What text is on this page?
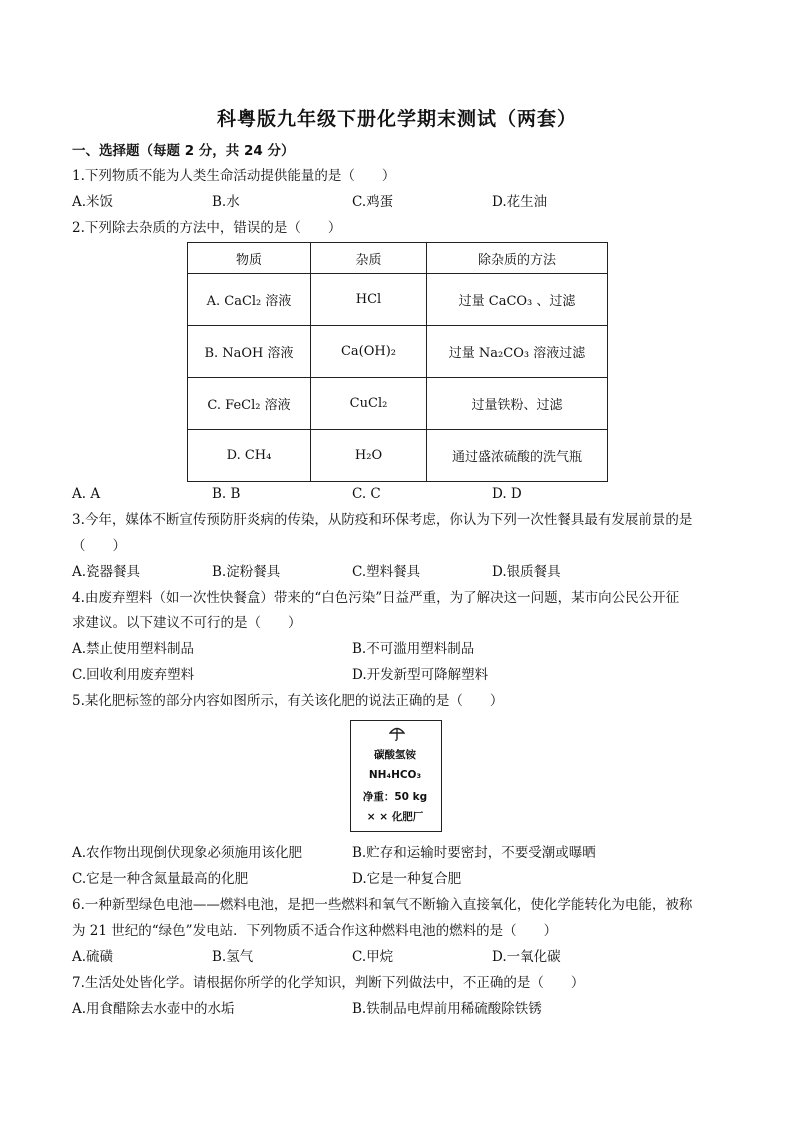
科粤版九年级下册化学期末测试（两套）
一、选择题（每题 2 分，共 24 分）
1.下列物质不能为人类生命活动提供能量的是（　　）
A.米饭	B.水	C.鸡蛋	D.花生油
2.下列除去杂质的方法中，错误的是（　　）
物质	杂质	除杂质的方法
A. CaCl₂ 溶液	HCl	过量 CaCO₃ 、过滤
B. NaOH 溶液	Ca(OH)₂	过量 Na₂CO₃ 溶液过滤
C. FeCl₂ 溶液	CuCl₂	过量铁粉、过滤
D. CH₄	H₂O	通过盛浓硫酸的洗气瓶
A. A	B. B	C. C	D. D
3.今年，媒体不断宣传预防肝炎病的传染，从防疫和环保考虑，你认为下列一次性餐具最有发展前景的是
（　　）
A.瓷器餐具	B.淀粉餐具	C.塑料餐具	D.银质餐具
4.由废弃塑料（如一次性快餐盒）带来的“白色污染”日益严重，为了解决这一问题，某市向公民公开征
求建议。以下建议不可行的是（　　）
A.禁止使用塑料制品	B.不可滥用塑料制品
C.回收利用废弃塑料	D.开发新型可降解塑料
5.某化肥标签的部分内容如图所示，有关该化肥的说法正确的是（　　）
碳酸氢铵
NH₄HCO₃
净重：50 kg
× × 化肥厂
A.农作物出现倒伏现象必须施用该化肥	B.贮存和运输时要密封，不要受潮或曝晒
C.它是一种含氮量最高的化肥	D.它是一种复合肥
6.一种新型绿色电池——燃料电池，是把一些燃料和氧气不断输入直接氧化，使化学能转化为电能，被称
为 21 世纪的“绿色”发电站．下列物质不适合作这种燃料电池的燃料的是（　　）
A.硫磺	B.氢气	C.甲烷	D.一氧化碳
7.生活处处皆化学。请根据你所学的化学知识，判断下列做法中，不正确的是（　　）
A.用食醋除去水壶中的水垢	B.铁制品电焊前用稀硫酸除铁锈
